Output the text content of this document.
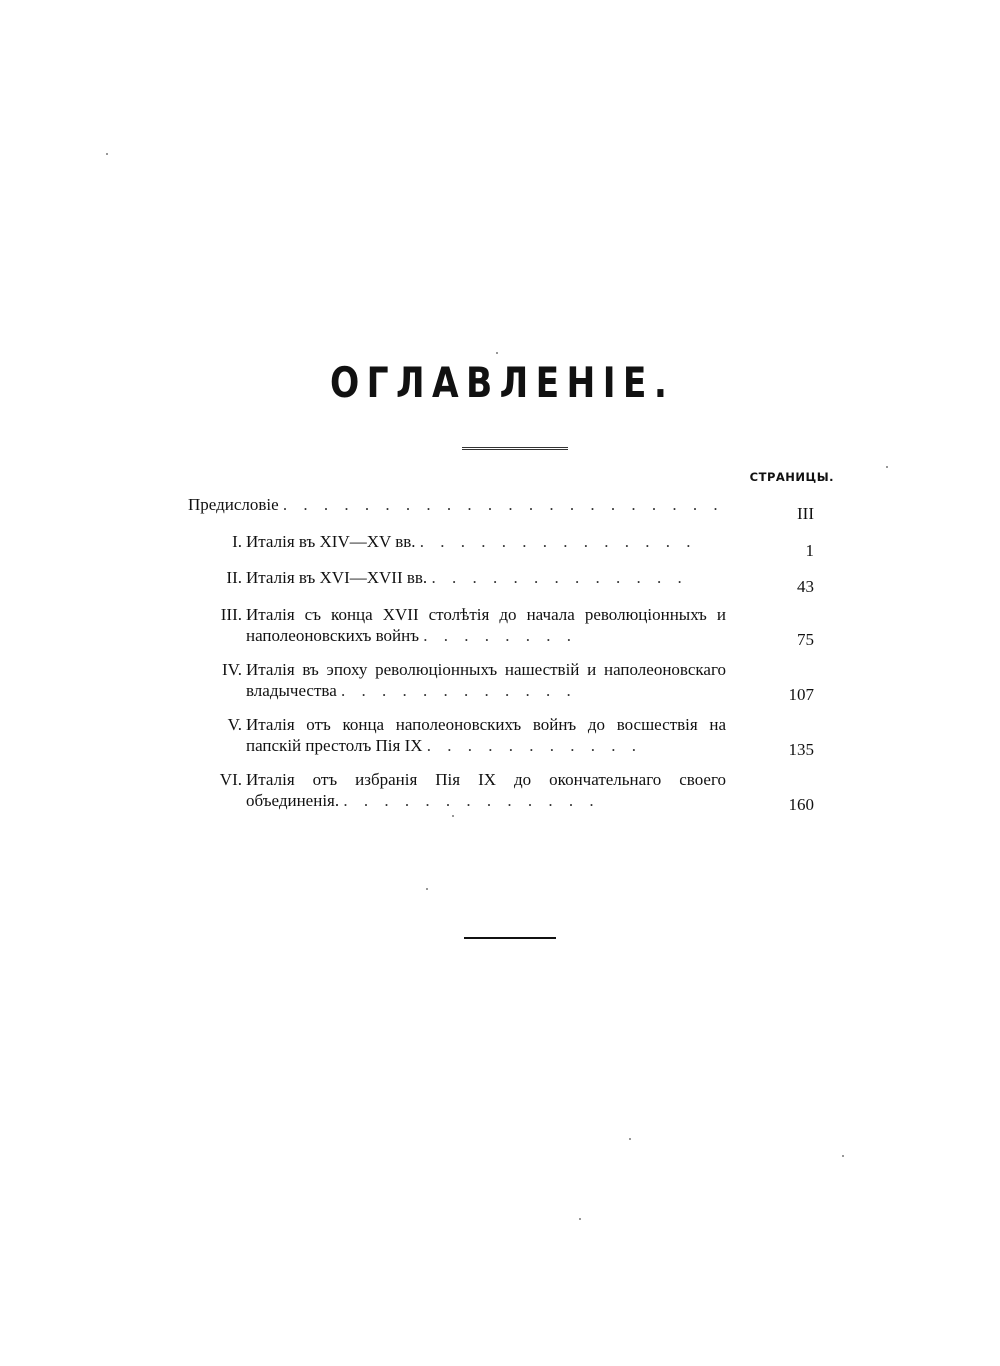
ОГЛАВЛЕНIЕ.
СТРАНИЦЫ.
Предисловiе . . . . . . . . . . . . . . . . . . . . . .	III
I. Италiя въ XIV—XV вв. . . . . . . . . . . . . . .	1
II. Италiя въ XVI—XVII вв. . . . . . . . . . . . . .	43
III. Италiя съ конца XVII столѣтiя до начала революцiонныхъ и наполеоновскихъ войнъ . . . . . . . .	75
IV. Италiя въ эпоху революцiонныхъ нашествiй и наполеоновскаго владычества . . . . . . . . . . . .	107
V. Италiя отъ конца наполеоновскихъ войнъ до восшествiя на папскiй престолъ Пiя IX . . . . . . . . . . .	135
VI. Италiя отъ избранiя Пiя IX до окончательнаго своего объединенiя. . . . . . . . . . . . . .	160
